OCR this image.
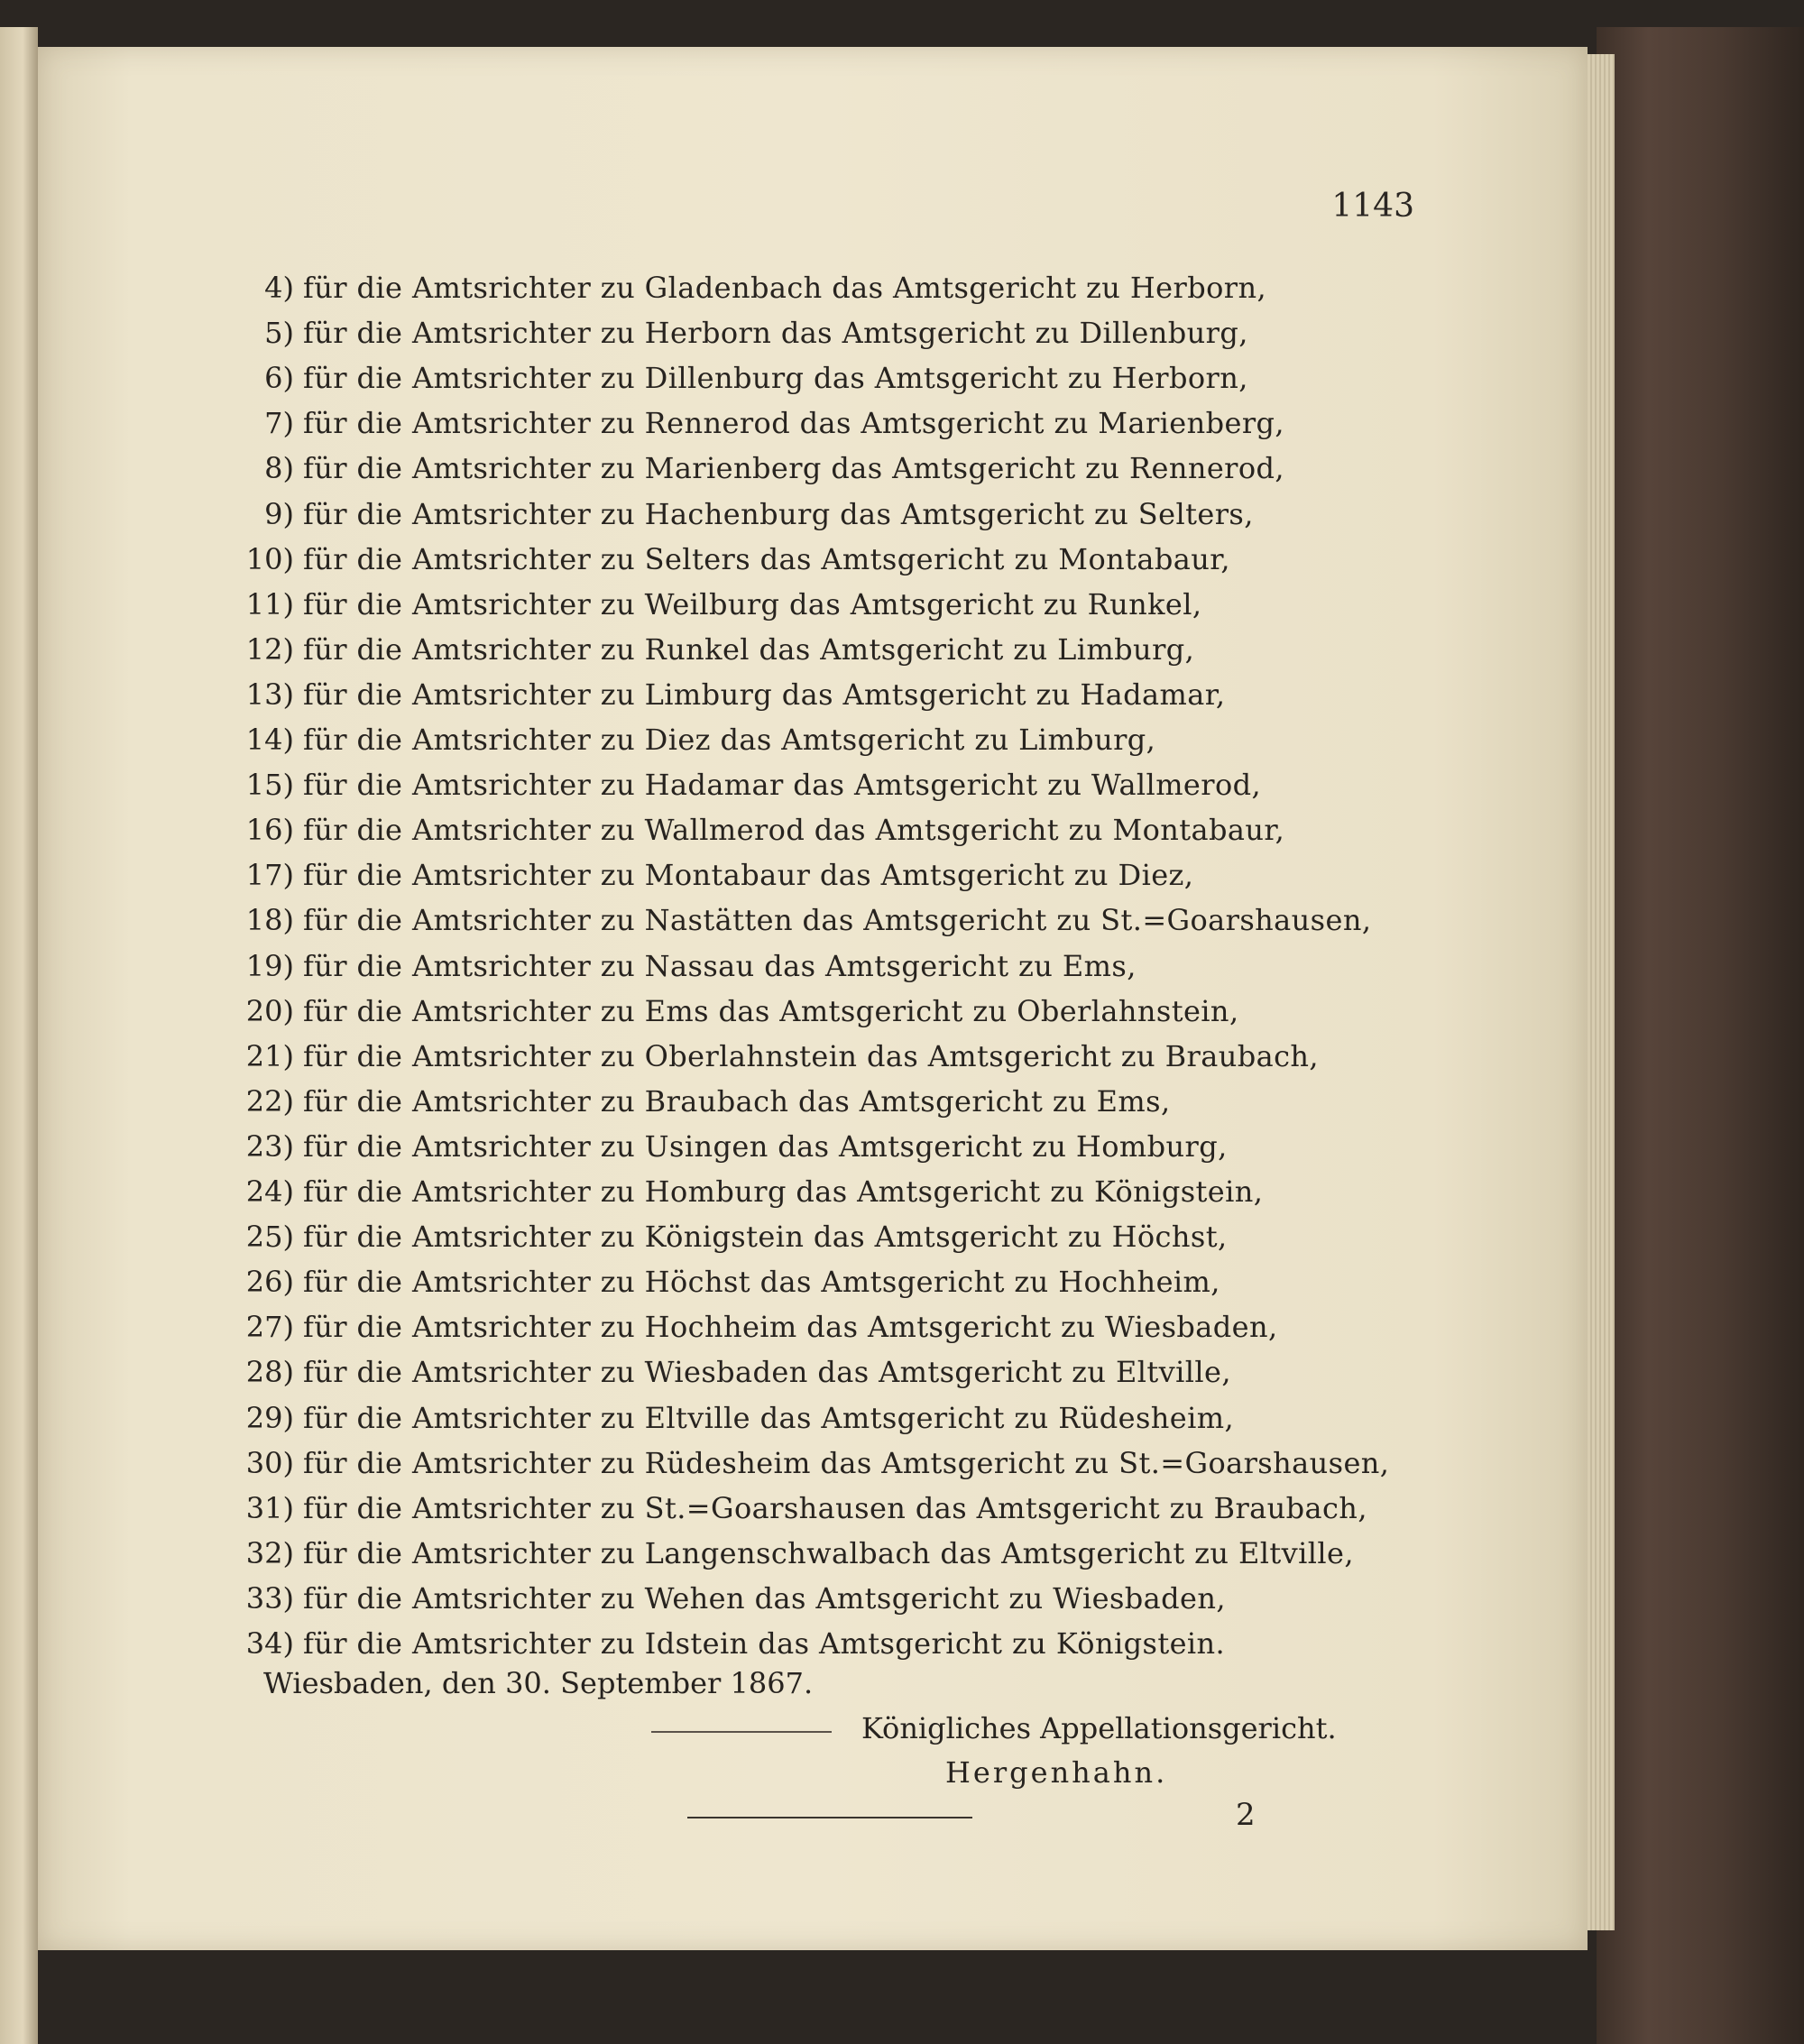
1143
4) für die Amtsrichter zu Gladenbach das Amtsgericht zu Herborn,
5) für die Amtsrichter zu Herborn das Amtsgericht zu Dillenburg,
6) für die Amtsrichter zu Dillenburg das Amtsgericht zu Herborn,
7) für die Amtsrichter zu Rennerod das Amtsgericht zu Marienberg,
8) für die Amtsrichter zu Marienberg das Amtsgericht zu Rennerod,
9) für die Amtsrichter zu Hachenburg das Amtsgericht zu Selters,
10) für die Amtsrichter zu Selters das Amtsgericht zu Montabaur,
11) für die Amtsrichter zu Weilburg das Amtsgericht zu Runkel,
12) für die Amtsrichter zu Runkel das Amtsgericht zu Limburg,
13) für die Amtsrichter zu Limburg das Amtsgericht zu Hadamar,
14) für die Amtsrichter zu Diez das Amtsgericht zu Limburg,
15) für die Amtsrichter zu Hadamar das Amtsgericht zu Wallmerod,
16) für die Amtsrichter zu Wallmerod das Amtsgericht zu Montabaur,
17) für die Amtsrichter zu Montabaur das Amtsgericht zu Diez,
18) für die Amtsrichter zu Nastätten das Amtsgericht zu St.=Goarshausen,
19) für die Amtsrichter zu Nassau das Amtsgericht zu Ems,
20) für die Amtsrichter zu Ems das Amtsgericht zu Oberlahnstein,
21) für die Amtsrichter zu Oberlahnstein das Amtsgericht zu Braubach,
22) für die Amtsrichter zu Braubach das Amtsgericht zu Ems,
23) für die Amtsrichter zu Usingen das Amtsgericht zu Homburg,
24) für die Amtsrichter zu Homburg das Amtsgericht zu Königstein,
25) für die Amtsrichter zu Königstein das Amtsgericht zu Höchst,
26) für die Amtsrichter zu Höchst das Amtsgericht zu Hochheim,
27) für die Amtsrichter zu Hochheim das Amtsgericht zu Wiesbaden,
28) für die Amtsrichter zu Wiesbaden das Amtsgericht zu Eltville,
29) für die Amtsrichter zu Eltville das Amtsgericht zu Rüdesheim,
30) für die Amtsrichter zu Rüdesheim das Amtsgericht zu St.=Goarshausen,
31) für die Amtsrichter zu St.=Goarshausen das Amtsgericht zu Braubach,
32) für die Amtsrichter zu Langenschwalbach das Amtsgericht zu Eltville,
33) für die Amtsrichter zu Wehen das Amtsgericht zu Wiesbaden,
34) für die Amtsrichter zu Idstein das Amtsgericht zu Königstein.
Wiesbaden, den 30. September 1867.
Königliches Appellationsgericht.
Hergenhahn.
2
